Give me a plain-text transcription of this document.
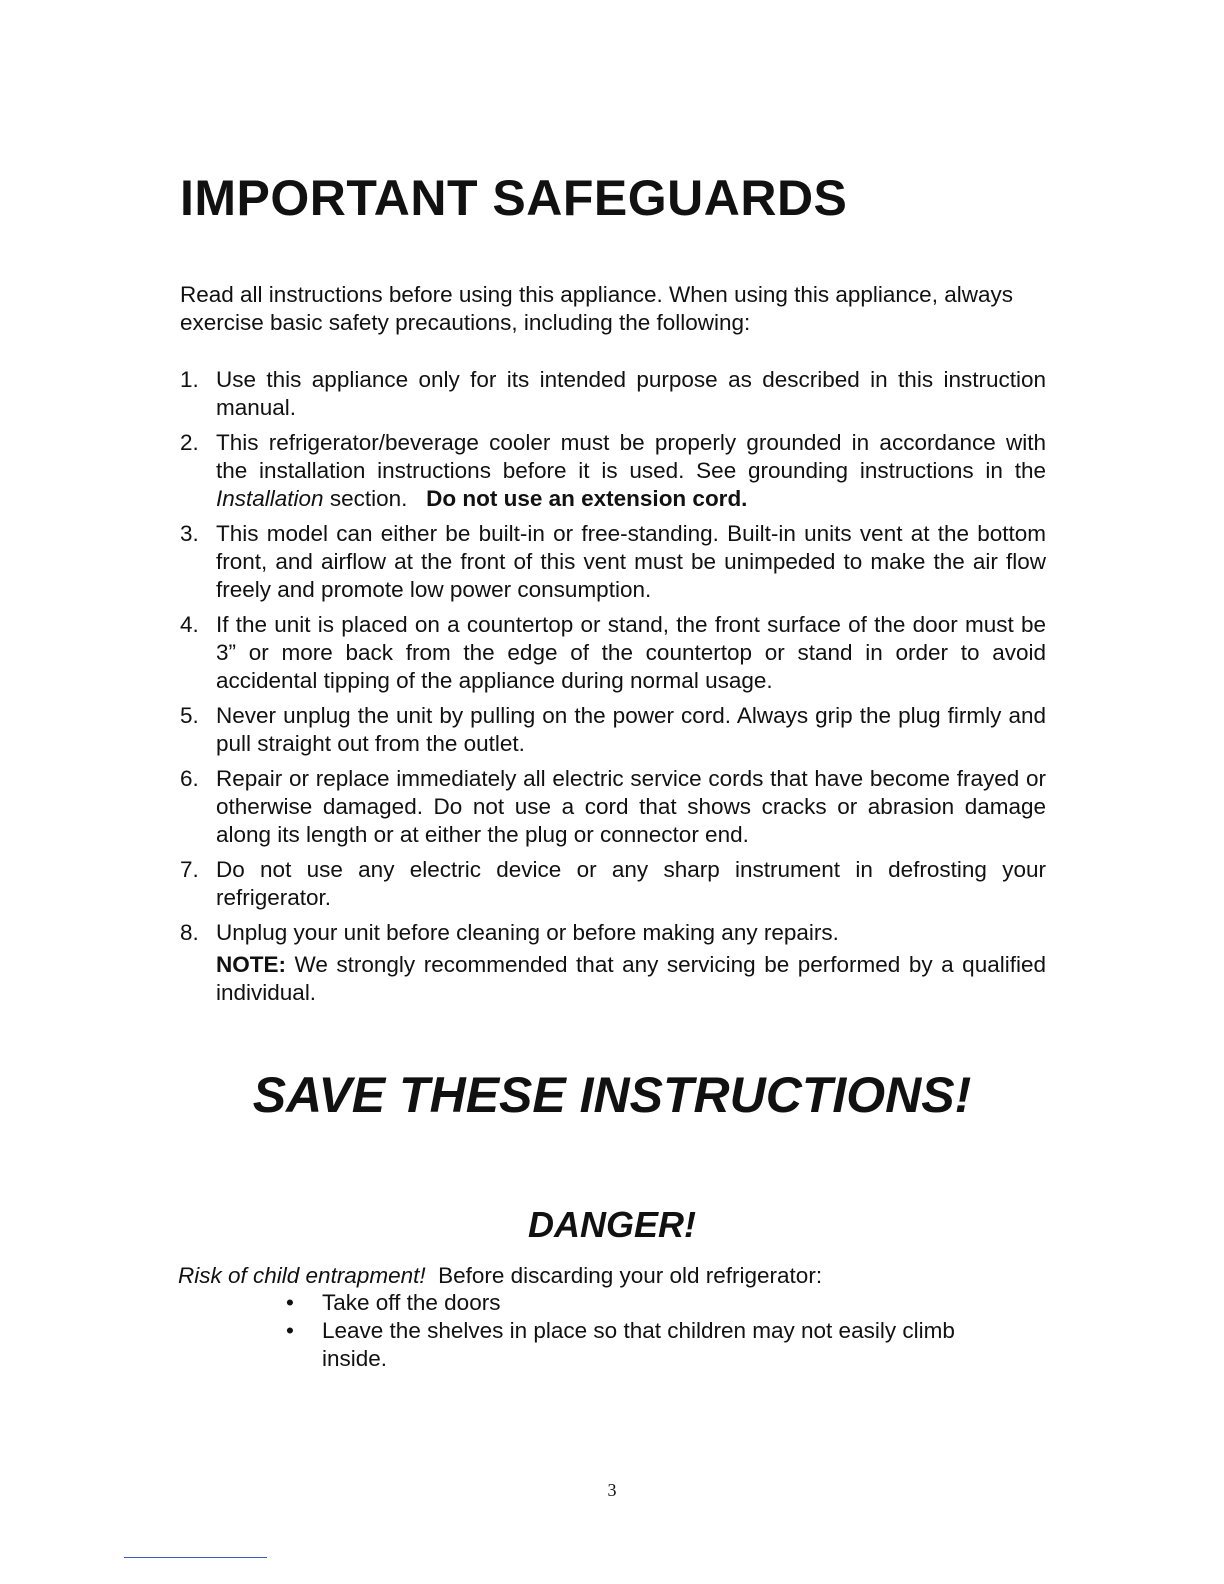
IMPORTANT SAFEGUARDS

Read all instructions before using this appliance. When using this appliance, always exercise basic safety precautions, including the following:

1. Use this appliance only for its intended purpose as described in this instruction manual.
2. This refrigerator/beverage cooler must be properly grounded in accordance with the installation instructions before it is used. See grounding instructions in the Installation section. Do not use an extension cord.
3. This model can either be built-in or free-standing. Built-in units vent at the bottom front, and airflow at the front of this vent must be unimpeded to make the air flow freely and promote low power consumption.
4. If the unit is placed on a countertop or stand, the front surface of the door must be 3” or more back from the edge of the countertop or stand in order to avoid accidental tipping of the appliance during normal usage.
5. Never unplug the unit by pulling on the power cord. Always grip the plug firmly and pull straight out from the outlet.
6. Repair or replace immediately all electric service cords that have become frayed or otherwise damaged. Do not use a cord that shows cracks or abrasion damage along its length or at either the plug or connector end.
7. Do not use any electric device or any sharp instrument in defrosting your refrigerator.
8. Unplug your unit before cleaning or before making any repairs.
NOTE: We strongly recommended that any servicing be performed by a qualified individual.
SAVE THESE INSTRUCTIONS!
DANGER!

Risk of child entrapment!  Before discarding your old refrigerator:

• Take off the doors
• Leave the shelves in place so that children may not easily climb inside.

3
